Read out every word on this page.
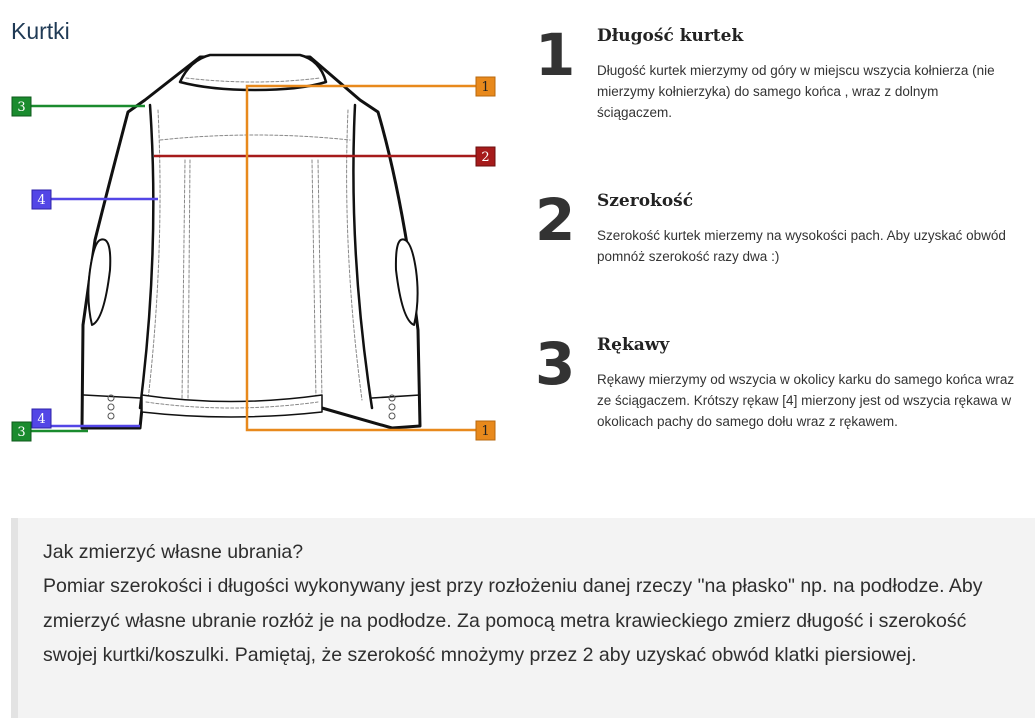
Kurtki
2
1
1
3
3
4
4
1 Długość kurtek
Długość kurtek mierzymy od góry w miejscu wszycia kołnierza (nie mierzymy kołnierzyka) do samego końca , wraz z dolnym ściągaczem.
2 Szerokość
Szerokość kurtek mierzemy na wysokości pach. Aby uzyskać obwód pomnóż szerokość razy dwa :)
3 Rękawy
Rękawy mierzymy od wszycia w okolicy karku do samego końca wraz ze ściągaczem. Krótszy rękaw [4] mierzony jest od wszycia rękawa w okolicach pachy do samego dołu wraz z rękawem.
Jak zmierzyć własne ubrania?
Pomiar szerokości i długości wykonywany jest przy rozłożeniu danej rzeczy "na płasko" np. na podłodze. Aby zmierzyć własne ubranie rozłóż je na podłodze. Za pomocą metra krawieckiego zmierz długość i szerokość swojej kurtki/koszulki. Pamiętaj, że szerokość mnożymy przez 2 aby uzyskać obwód klatki piersiowej.
